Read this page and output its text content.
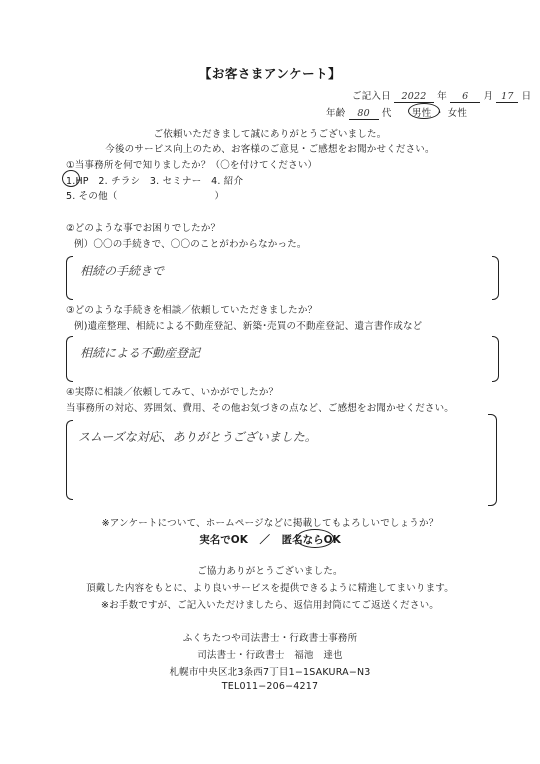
【お客さまアンケート】
ご記入日 2022 年 6 月 17 日
年齢 80 代 男性 ・ 女性
ご依頼いただきまして誠にありがとうございました。
今後のサービス向上のため、お客様のご意見・ご感想をお聞かせください。
①当事務所を何で知りましたか？（〇を付けてください）
1.HP　2. チラシ　3. セミナー　4. 紹介
5. その他（　　　　　　　　　　）
②どのような事でお困りでしたか？
例）〇〇の手続きで、〇〇のことがわからなかった。
相続の手続きで
③どのような手続きを相談／依頼していただきましたか？
例)遺産整理、相続による不動産登記、新築･売買の不動産登記、遺言書作成など
相続による不動産登記
④実際に相談／依頼してみて、いかがでしたか？
当事務所の対応、雰囲気、費用、その他お気づきの点など、ご感想をお聞かせください。
スムーズな対応、ありがとうございました。
※アンケートについて、ホームページなどに掲載してもよろしいでしょうか？
実名でOK ／ 匿名なら
OK
ご協力ありがとうございました。
頂戴した内容をもとに、より良いサービスを提供できるように精進してまいります。
※お手数ですが、ご記入いただけましたら、返信用封筒にてご返送ください。
ふくちたつや司法書士・行政書士事務所
司法書士・行政書士　福池　達也
札幌市中央区北3条西7丁目1−1SAKURA−N3
TEL011−206−4217
